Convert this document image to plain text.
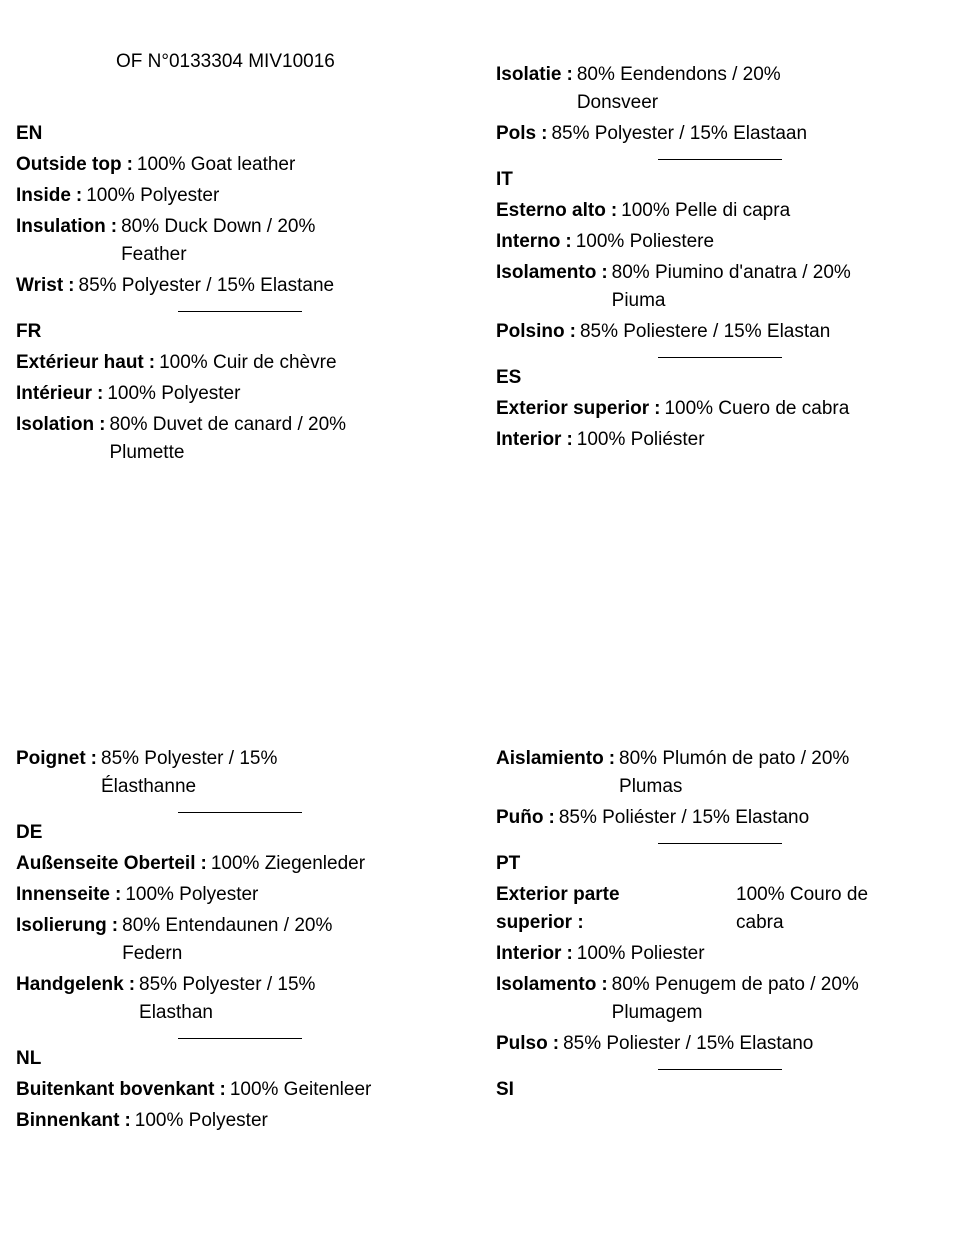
OF N°0133304 MIV10016
EN
Outside top : 100% Goat leather
Inside : 100% Polyester
Insulation : 80% Duck Down / 20% Feather
Wrist : 85% Polyester / 15% Elastane
FR
Extérieur haut : 100% Cuir de chèvre
Intérieur : 100% Polyester
Isolation : 80% Duvet de canard / 20% Plumette
Isolatie : 80% Eendendons / 20% Donsveer
Pols : 85% Polyester / 15% Elastaan
IT
Esterno alto : 100% Pelle di capra
Interno : 100% Poliestere
Isolamento : 80% Piumino d'anatra / 20% Piuma
Polsino : 85% Poliestere / 15% Elastan
ES
Exterior superior : 100% Cuero de cabra
Interior : 100% Poliéster
Poignet : 85% Polyester / 15% Élasthanne
DE
Außenseite Oberteil : 100% Ziegenleder
Innenseite : 100% Polyester
Isolierung : 80% Entendaunen / 20% Federn
Handgelenk : 85% Polyester / 15% Elasthan
NL
Buitenkant bovenkant : 100% Geitenleer
Binnenkant : 100% Polyester
Aislamiento : 80% Plumón de pato / 20% Plumas
Puño : 85% Poliéster / 15% Elastano
PT
Exterior parte superior :
100% Couro de cabra
Interior : 100% Poliester
Isolamento : 80% Penugem de pato / 20% Plumagem
Pulso : 85% Poliester / 15% Elastano
SI
